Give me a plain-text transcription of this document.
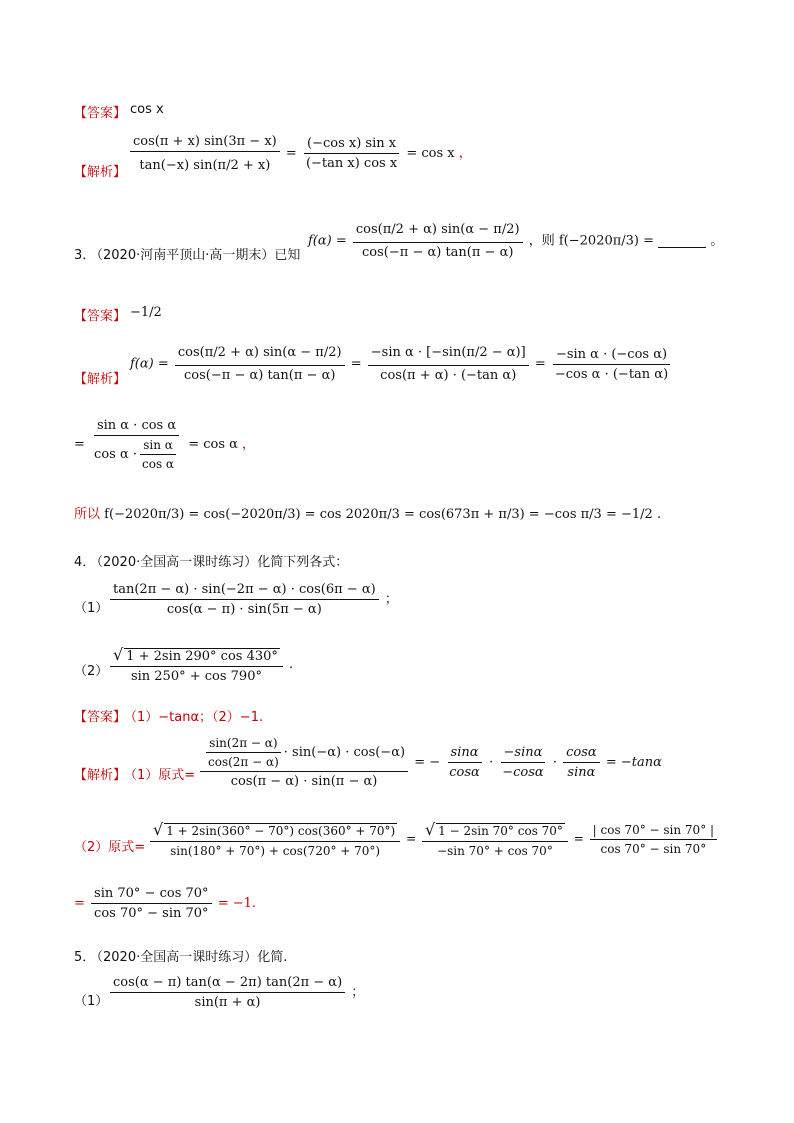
【答案】 cos x
【解析】 $\frac{\cos(\pi + x) \sin(3\pi - x)}{\tan(-x) \sin(\pi/2 + x)} = \frac{\text{(−cos x) sin x}}{\text{(−tan x) cos x}} = \cos x$ ，
3．
（2020·河南平顶山·高一期末）已知
$f(\alpha) = \frac{\cos(\pi/2 + \alpha) \sin(\alpha - \pi/2)}{\cos(-\pi - \alpha) \tan(\pi - \alpha)}$ ，则 f(−2020π/3) =	。
【答案】 −1/2
【解析】
$f(\alpha) = \frac{\cos(\pi/2 + \alpha) \sin(\alpha - \pi/2)}{\cos(-\pi - \alpha) \tan(\pi - \alpha)} = \frac{\text{−sin α · [−sin(π/2 − α)]}}{\text{cos(π + α) · (−tan α)}} = \frac{\text{−sin α · (−cos α)}}{\text{−cos α · (−tan α)}}$
= $\frac{\text{sin α · cos α}}{\cos \alpha \cdot \frac{\text{sin α}}{\text{cos α}}} = \cos \alpha$ ，
所以 f(−2020π/3) = cos(−2020π/3) = cos 2020π/3 = cos(673π + π/3) = −cos π/3 = −1/2 .
4．
（2020·全国高一课时练习）化简下列各式：
$(1) \frac{\tan(2\pi - \alpha) \cdot \sin(-2\pi - \alpha) \cdot \cos(6\pi - \alpha)}{\cos(\alpha - \pi) \cdot \sin(5\pi - \alpha)}$ ；
$(2) \frac{√ 1 + 2\sin 290^\circ \cos 430^\circ}{\sin 250^\circ + \cos 790^\circ}$ .
【答案】
（1）−tanα；（2）−1.
【解析】
（1）原式= $\frac{\frac{\sin(2\pi - \alpha)}{\cos(2\pi - \alpha)} \cdot \sin(-\alpha) \cdot \cos(-\alpha)}{\cos(\pi - \alpha) \cdot \sin(\pi - \alpha)}$ = − $\frac{\sin\alpha}{\cos\alpha} \cdot \frac{-\sin\alpha}{-\cos\alpha} \cdot \frac{\cos\alpha}{\sin\alpha} = -\tan\alpha$
（2）原式= $\frac{√ 1 + 2\sin(360^\circ - 70^\circ) \cos(360^\circ + 70^\circ)}{\sin(180^\circ + 70^\circ) + \cos(720^\circ + 70^\circ)} = \frac{√ 1 - 2\sin 70^\circ \cos 70^\circ}{-\sin 70^\circ + \cos 70^\circ} = \frac{| \cos 70^\circ - \sin 70^\circ |}{\cos 70^\circ - \sin 70^\circ}$
= $\frac{\sin 70^\circ - \cos 70^\circ}{\cos 70^\circ - \sin 70^\circ} = -1$.
5．
（2020·全国高一课时练习）化简.
$(1) \frac{\cos(\alpha - \pi) \tan(\alpha - 2\pi) \tan(2\pi - \alpha)}{\sin(\pi + \alpha)}$ ；
